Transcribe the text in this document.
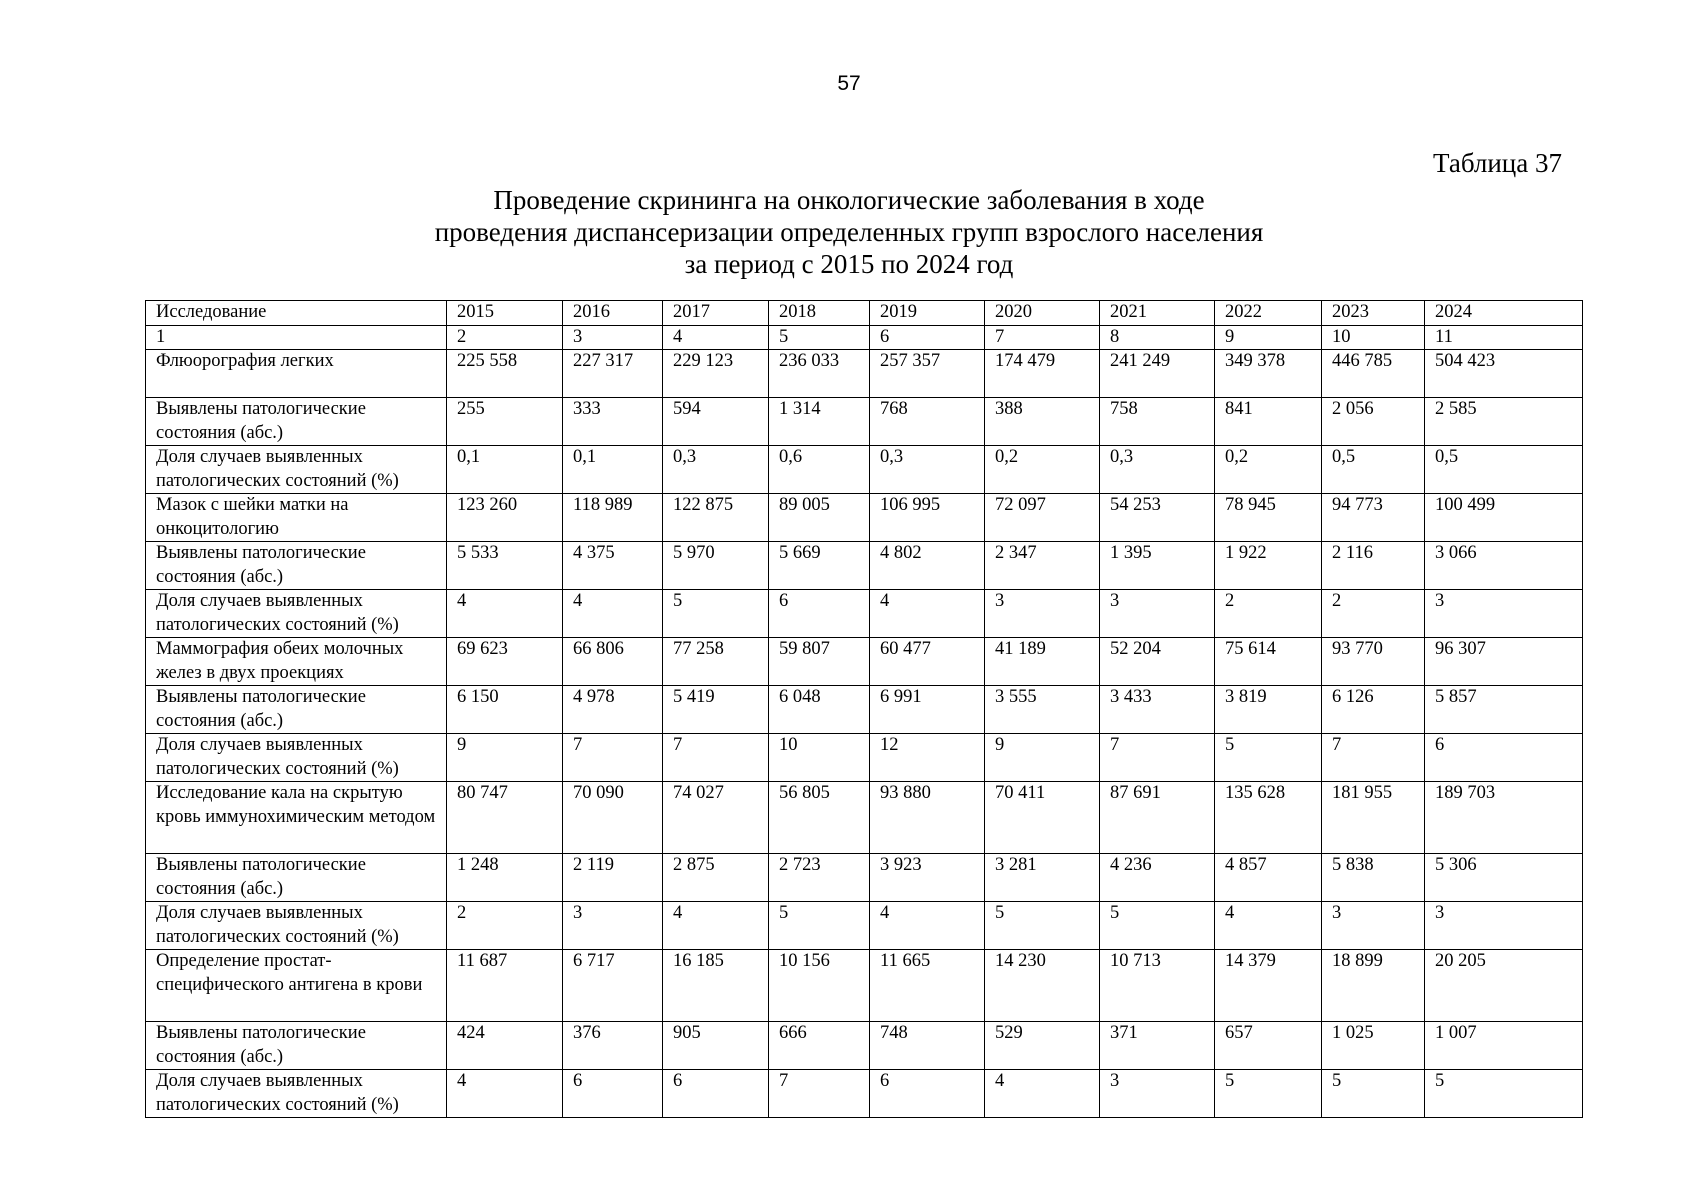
57
Таблица 37
Проведение скрининга на онкологические заболевания в ходе
проведения диспансеризации определенных групп взрослого населения
за период с 2015 по 2024 год
Исследование	2015	2016	2017	2018	2019	2020	2021	2022	2023	2024
1	2	3	4	5	6	7	8	9	10	11
Флюорография легких	225 558	227 317	229 123	236 033	257 357	174 479	241 249	349 378	446 785	504 423
Выявлены патологические состояния (абс.)	255	333	594	1 314	768	388	758	841	2 056	2 585
Доля случаев выявленных патологических состояний (%)	0,1	0,1	0,3	0,6	0,3	0,2	0,3	0,2	0,5	0,5
Мазок с шейки матки на онкоцитологию	123 260	118 989	122 875	89 005	106 995	72 097	54 253	78 945	94 773	100 499
Выявлены патологические состояния (абс.)	5 533	4 375	5 970	5 669	4 802	2 347	1 395	1 922	2 116	3 066
Доля случаев выявленных патологических состояний (%)	4	4	5	6	4	3	3	2	2	3
Маммография обеих молочных желез в двух проекциях	69 623	66 806	77 258	59 807	60 477	41 189	52 204	75 614	93 770	96 307
Выявлены патологические состояния (абс.)	6 150	4 978	5 419	6 048	6 991	3 555	3 433	3 819	6 126	5 857
Доля случаев выявленных патологических состояний (%)	9	7	7	10	12	9	7	5	7	6
Исследование кала на скрытую кровь иммунохимическим методом	80 747	70 090	74 027	56 805	93 880	70 411	87 691	135 628	181 955	189 703
Выявлены патологические состояния (абс.)	1 248	2 119	2 875	2 723	3 923	3 281	4 236	4 857	5 838	5 306
Доля случаев выявленных патологических состояний (%)	2	3	4	5	4	5	5	4	3	3
Определение простат-специфического антигена в крови	11 687	6 717	16 185	10 156	11 665	14 230	10 713	14 379	18 899	20 205
Выявлены патологические состояния (абс.)	424	376	905	666	748	529	371	657	1 025	1 007
Доля случаев выявленных патологических состояний (%)	4	6	6	7	6	4	3	5	5	5
